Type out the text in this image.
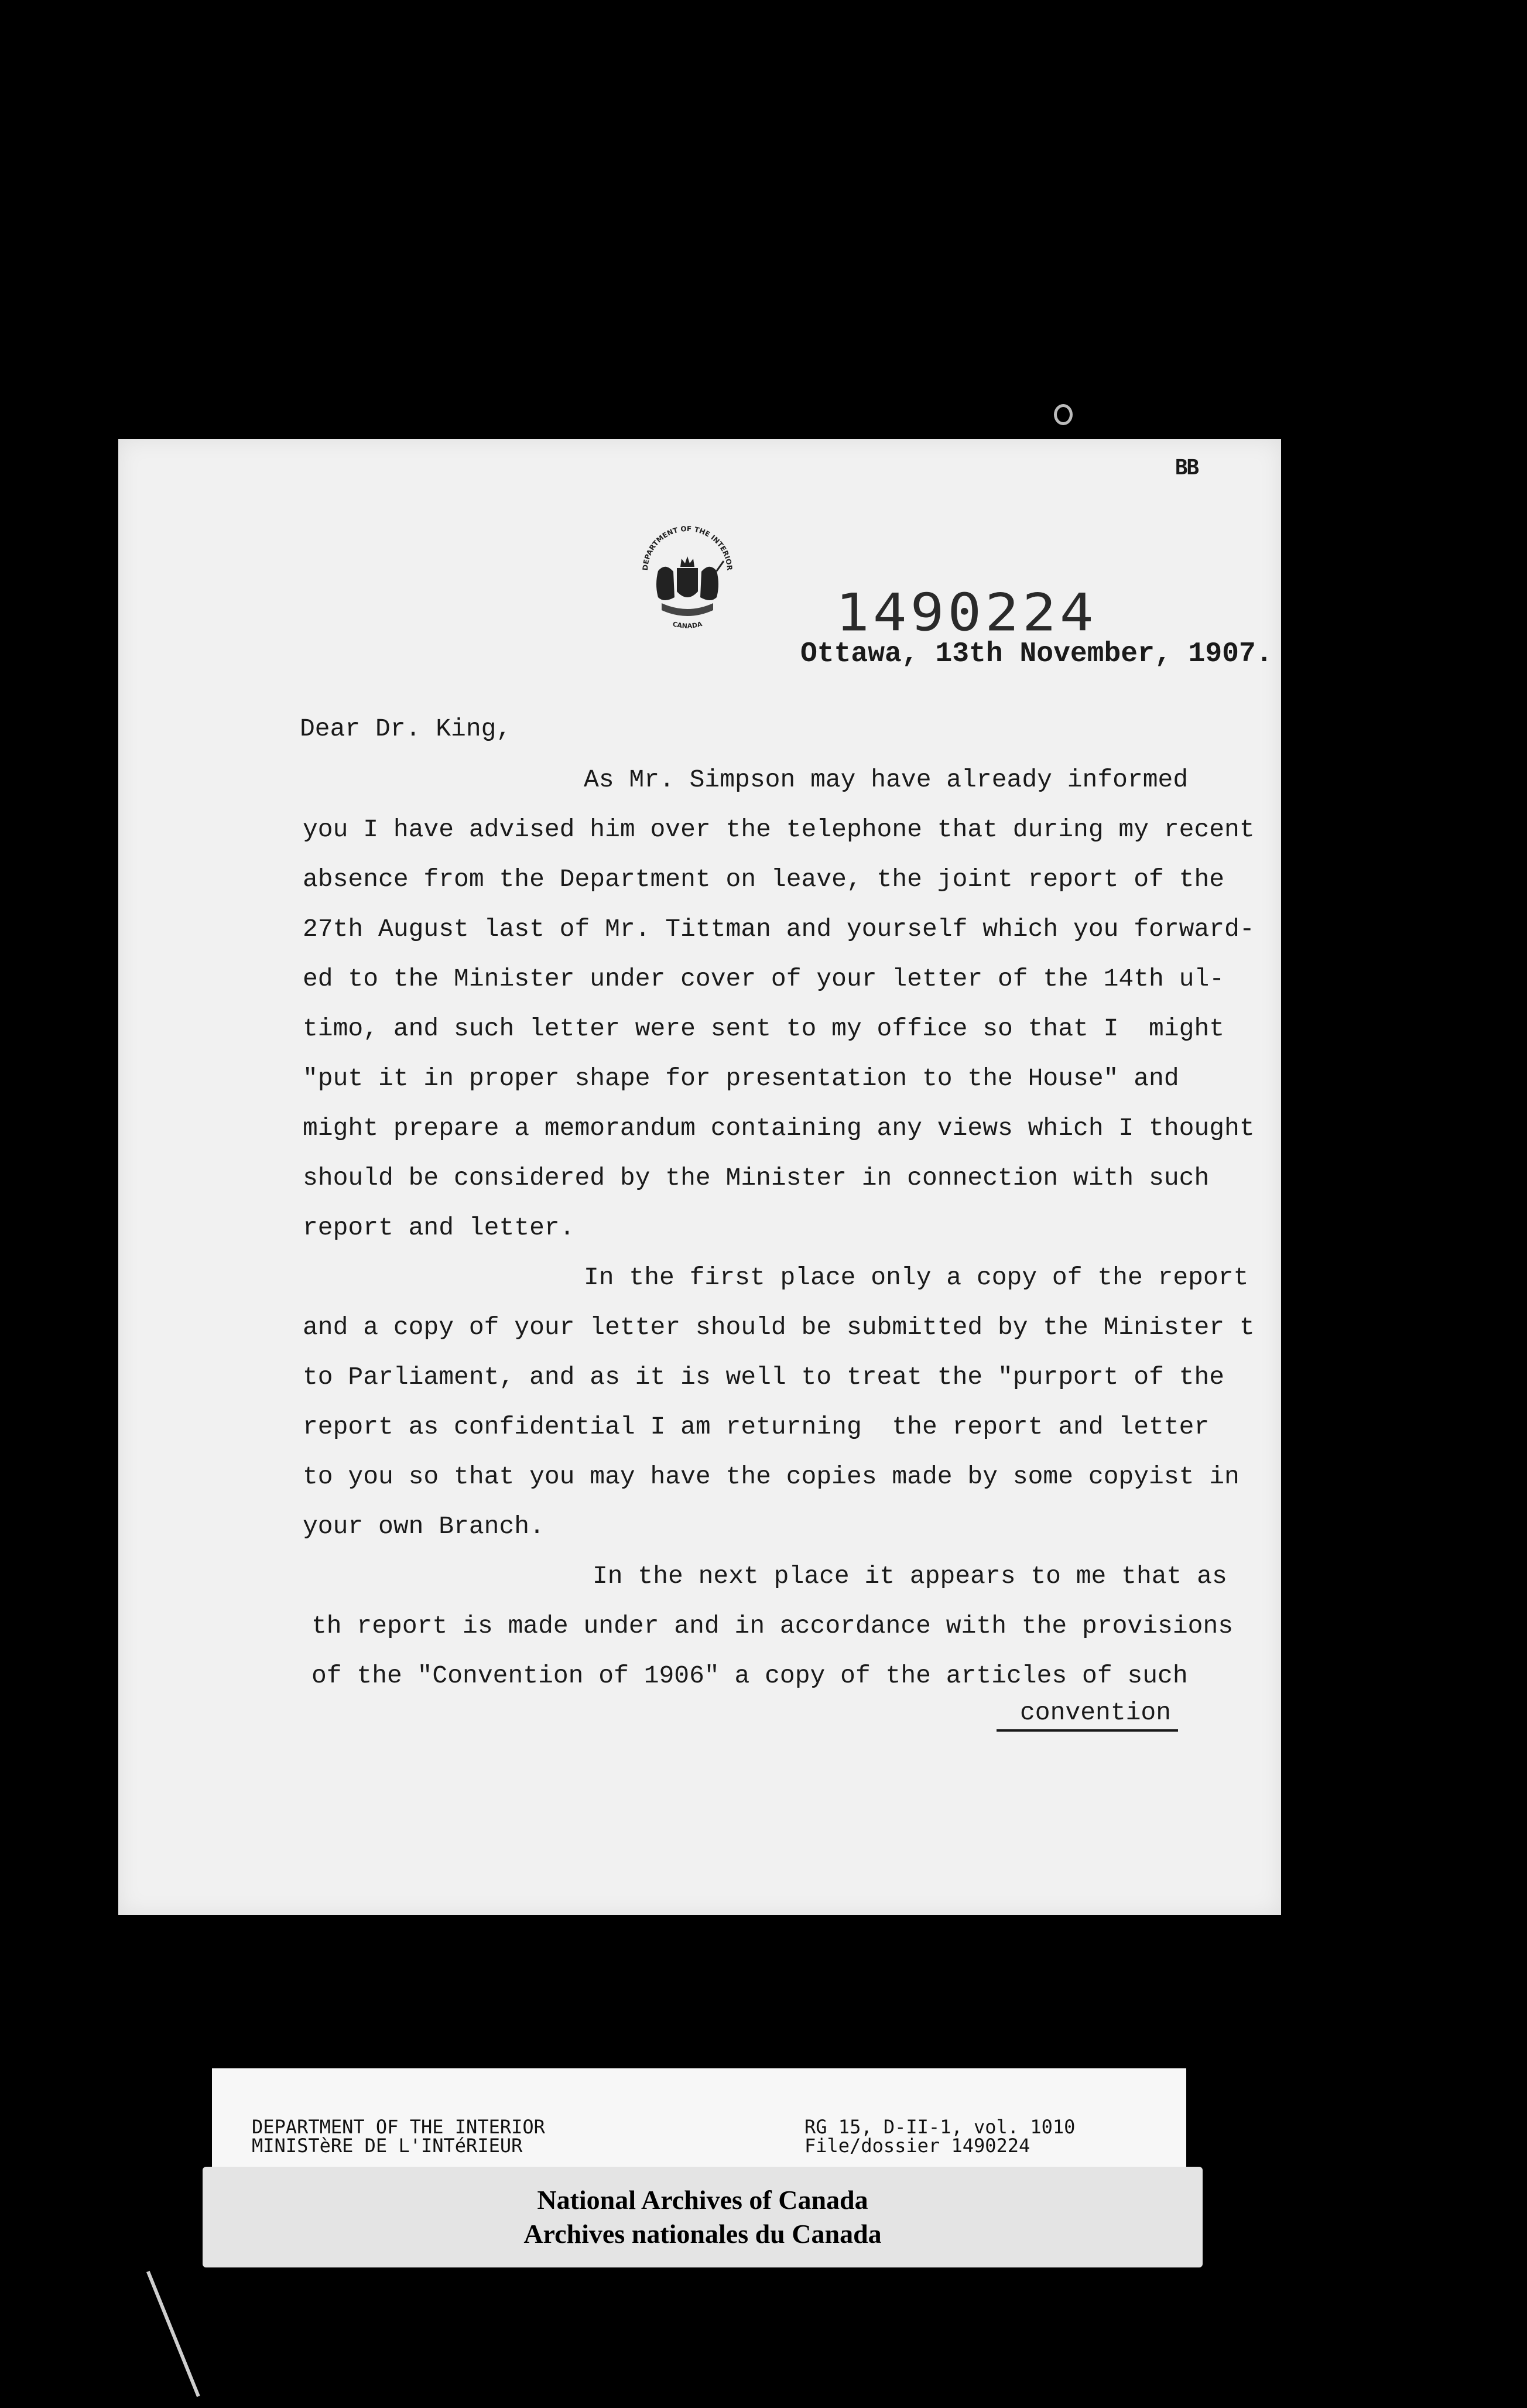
BB
DEPARTMENT OF THE INTERIOR
CANADA 1490224
Ottawa, 13th November, 1907.
Dear Dr. King,
As Mr. Simpson may have already informed
you I have advised him over the telephone that during my recent
absence from the Department on leave, the joint report of the
27th August last of Mr. Tittman and yourself which you forward-
ed to the Minister under cover of your letter of the 14th ul-
timo, and such letter were sent to my office so that I  might
"put it in proper shape for presentation to the House" and
might prepare a memorandum containing any views which I thought
should be considered by the Minister in connection with such
report and letter.
In the first place only a copy of the report
and a copy of your letter should be submitted by the Minister t
to Parliament, and as it is well to treat the "purport of the
report as confidential I am returning  the report and letter
to you so that you may have the copies made by some copyist in
your own Branch.
In the next place it appears to me that as
th report is made under and in accordance with the provisions
of the "Convention of 1906" a copy of the articles of such
convention
DEPARTMENT OF THE INTERIOR
MINISTèRE DE L'INTéRIEUR
RG 15, D-II-1, vol. 1010
File/dossier 1490224
National Archives of Canada
Archives nationales du Canada
